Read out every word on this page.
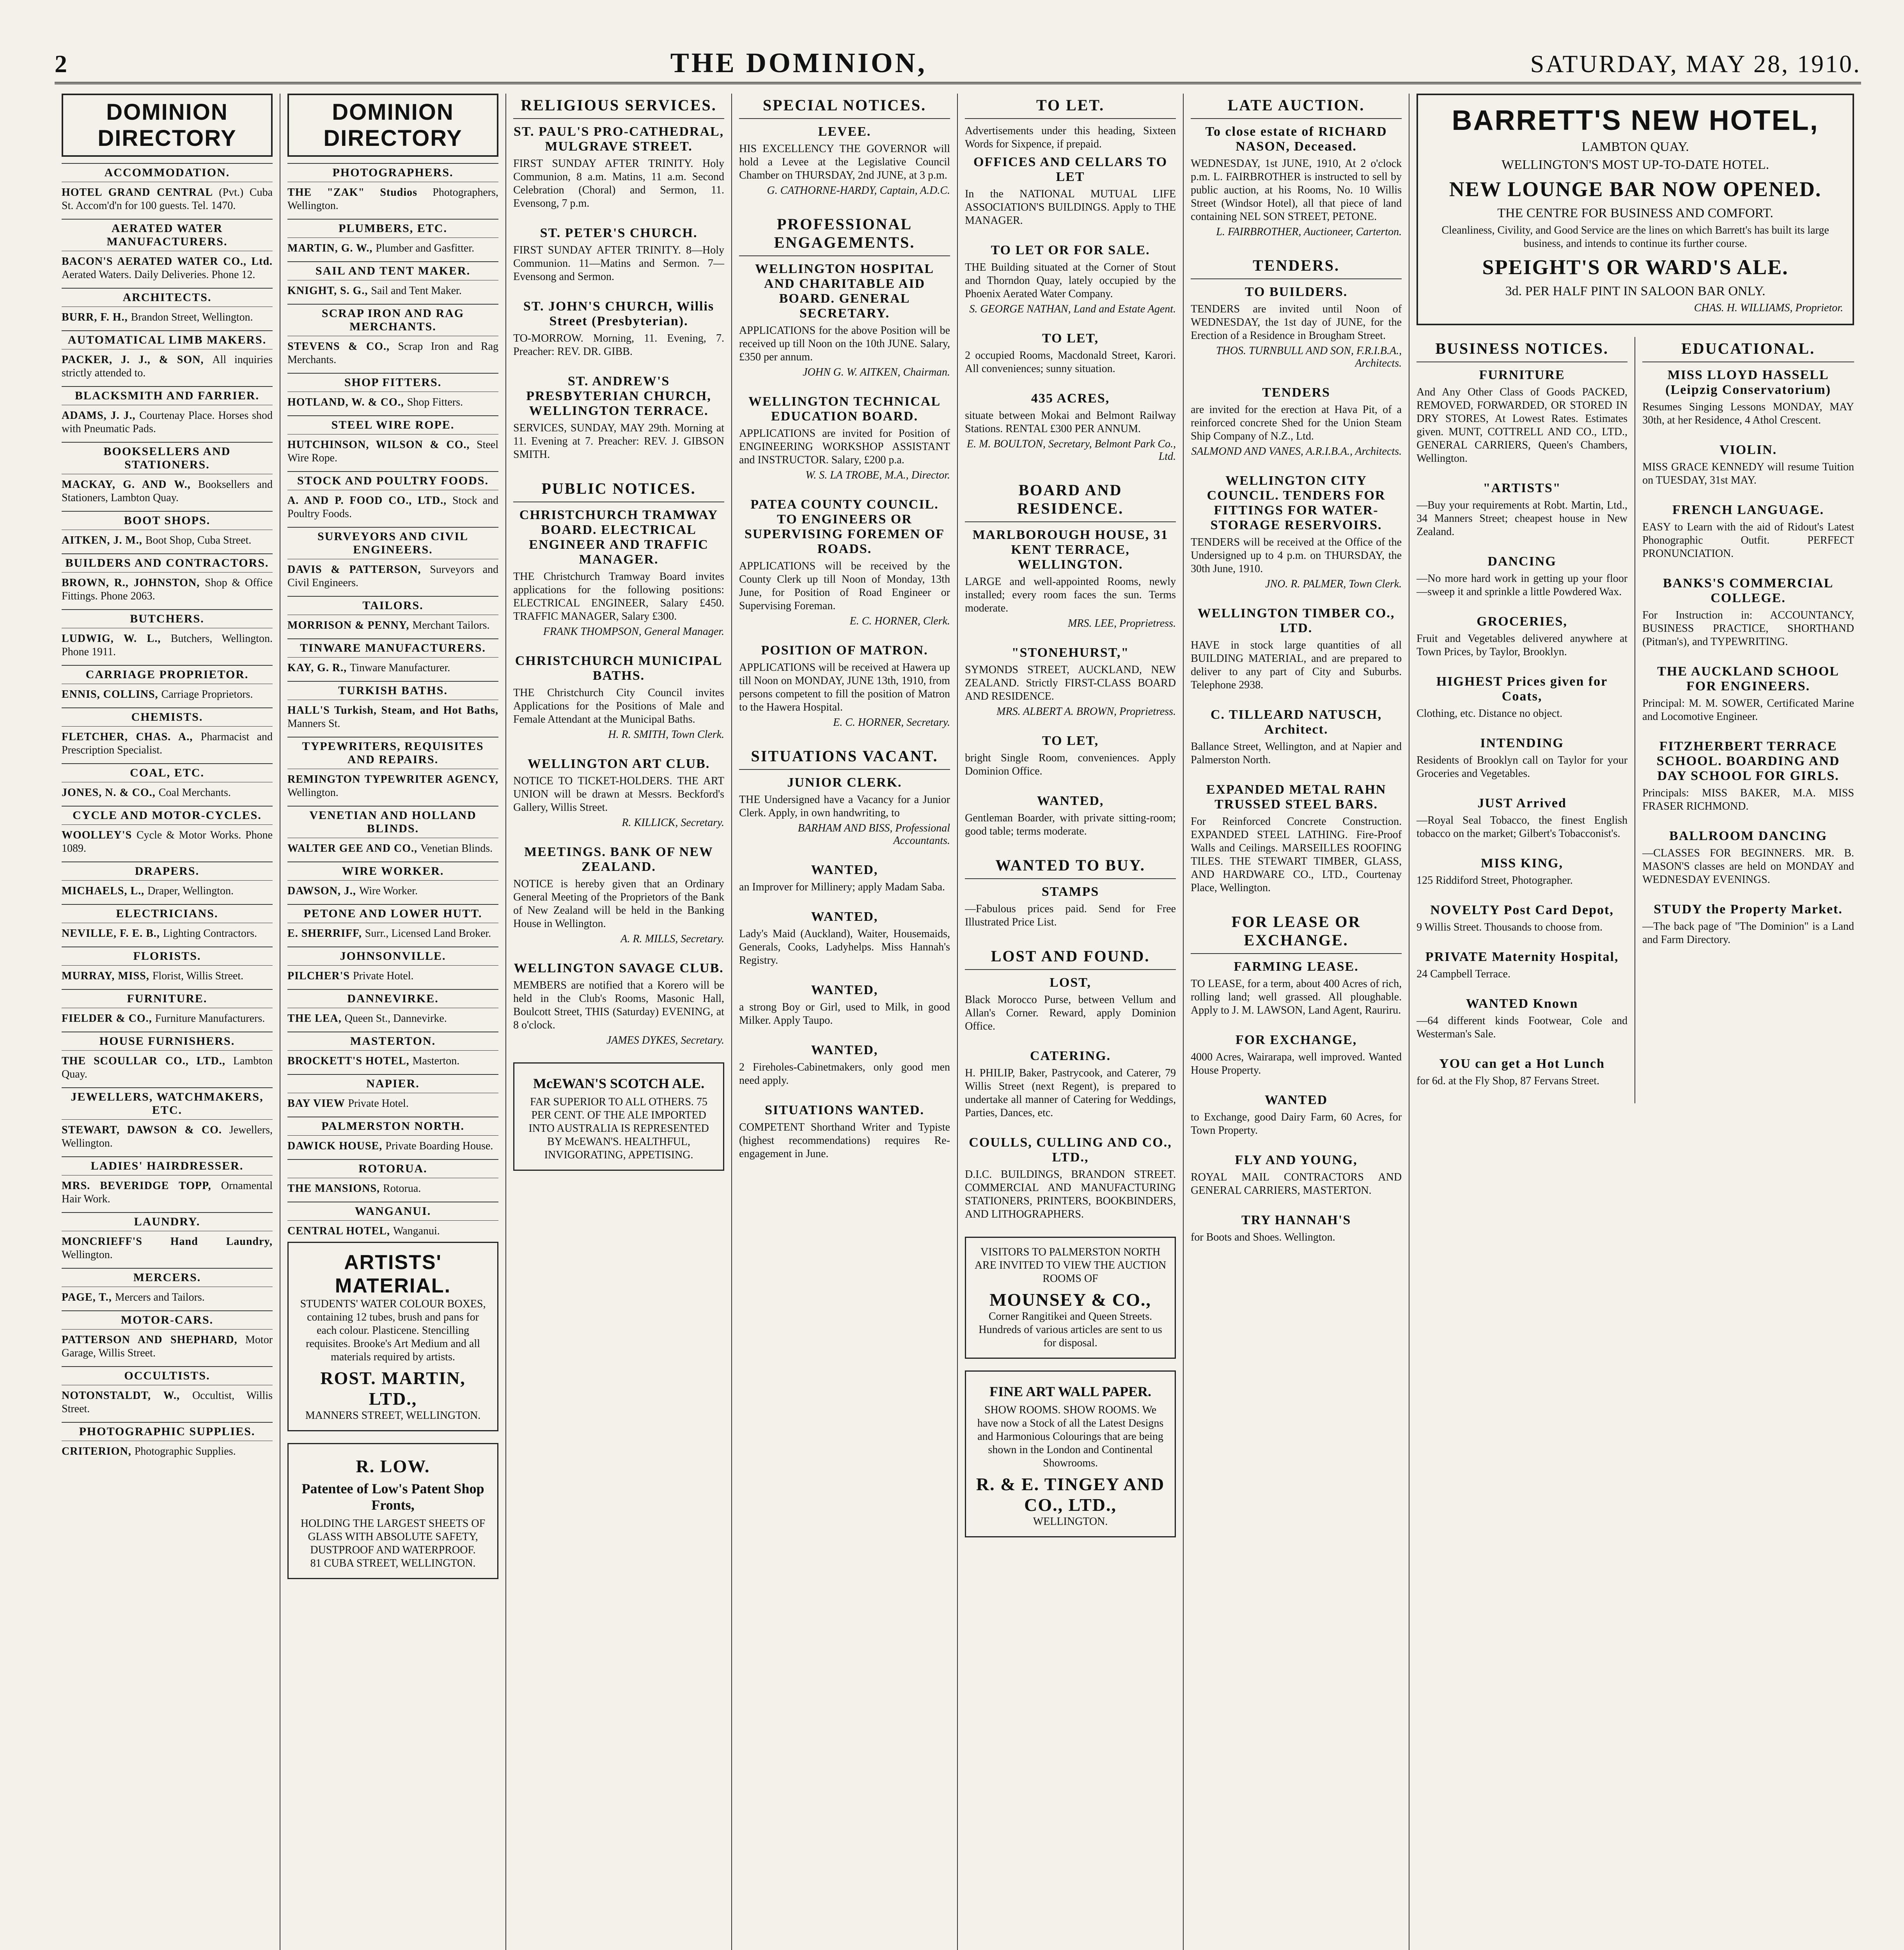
2	THE DOMINION,	SATURDAY, MAY 28, 1910.
DOMINION DIRECTORY
ACCOMMODATION.

HOTEL GRAND CENTRAL (Pvt.) Cuba St. Accom'd'n for 100 guests. Tel. 1470.

AERATED WATER MANUFACTURERS.

BACON'S AERATED WATER CO., Ltd. Aerated Waters. Daily Deliveries. Phone 12.

ARCHITECTS.

BURR, F. H., Brandon Street, Wellington.

AUTOMATICAL LIMB MAKERS.

PACKER, J. J., & SON, All inquiries strictly attended to.

BLACKSMITH AND FARRIER.

ADAMS, J. J., Courtenay Place. Horses shod with Pneumatic Pads.

BOOKSELLERS AND STATIONERS.

MACKAY, G. AND W., Booksellers and Stationers, Lambton Quay.

BOOT SHOPS.

AITKEN, J. M., Boot Shop, Cuba Street.

BUILDERS AND CONTRACTORS.

BROWN, R., JOHNSTON, Shop & Office Fittings. Phone 2063.

BUTCHERS.

LUDWIG, W. L., Butchers, Wellington. Phone 1911.

CARRIAGE PROPRIETOR.

ENNIS, COLLINS, Carriage Proprietors.

CHEMISTS.

FLETCHER, CHAS. A., Pharmacist and Prescription Specialist.

COAL, ETC.

JONES, N. & CO., Coal Merchants.

CYCLE AND MOTOR-CYCLES.

WOOLLEY'S Cycle & Motor Works. Phone 1089.

DRAPERS.

MICHAELS, L., Draper, Wellington.

ELECTRICIANS.

NEVILLE, F. E. B., Lighting Contractors.

FLORISTS.

MURRAY, MISS, Florist, Willis Street.

FURNITURE.

FIELDER & CO., Furniture Manufacturers.

HOUSE FURNISHERS.

THE SCOULLAR CO., LTD., Lambton Quay.

JEWELLERS, WATCHMAKERS, ETC.

STEWART, DAWSON & CO. Jewellers, Wellington.

LADIES' HAIRDRESSER.

MRS. BEVERIDGE TOPP, Ornamental Hair Work.

LAUNDRY.

MONCRIEFF'S Hand Laundry, Wellington.

MERCERS.

PAGE, T., Mercers and Tailors.

MOTOR-CARS.

PATTERSON AND SHEPHARD, Motor Garage, Willis Street.

OCCULTISTS.

NOTONSTALDT, W., Occultist, Willis Street.

PHOTOGRAPHIC SUPPLIES.

CRITERION, Photographic Supplies.

DOMINION DIRECTORY
PHOTOGRAPHERS.

THE "ZAK" Studios Photographers, Wellington.

PLUMBERS, ETC.

MARTIN, G. W., Plumber and Gasfitter.

SAIL AND TENT MAKER.

KNIGHT, S. G., Sail and Tent Maker.

SCRAP IRON AND RAG MERCHANTS.

STEVENS & CO., Scrap Iron and Rag Merchants.

SHOP FITTERS.

HOTLAND, W. & CO., Shop Fitters.

STEEL WIRE ROPE.

HUTCHINSON, WILSON & CO., Steel Wire Rope.

STOCK AND POULTRY FOODS.

A. AND P. FOOD CO., LTD., Stock and Poultry Foods.

SURVEYORS AND CIVIL ENGINEERS.

DAVIS & PATTERSON, Surveyors and Civil Engineers.

TAILORS.

MORRISON & PENNY, Merchant Tailors.

TINWARE MANUFACTURERS.

KAY, G. R., Tinware Manufacturer.

TURKISH BATHS.

HALL'S Turkish, Steam, and Hot Baths, Manners St.

TYPEWRITERS, REQUISITES AND REPAIRS.

REMINGTON TYPEWRITER AGENCY, Wellington.

VENETIAN AND HOLLAND BLINDS.

WALTER GEE AND CO., Venetian Blinds.

WIRE WORKER.

DAWSON, J., Wire Worker.

PETONE AND LOWER HUTT.

E. SHERRIFF, Surr., Licensed Land Broker.

JOHNSONVILLE.

PILCHER'S Private Hotel.

DANNEVIRKE.

THE LEA, Queen St., Dannevirke.

MASTERTON.

BROCKETT'S HOTEL, Masterton.

NAPIER.

BAY VIEW Private Hotel.

PALMERSTON NORTH.

DAWICK HOUSE, Private Boarding House.

ROTORUA.

THE MANSIONS, Rotorua.

WANGANUI.

CENTRAL HOTEL, Wanganui.

ARTISTS' MATERIAL.
STUDENTS' WATER COLOUR BOXES, containing 12 tubes, brush and pans for each colour. Plasticene. Stencilling requisites. Brooke's Art Medium and all materials required by artists.
ROST. MARTIN, LTD.,
MANNERS STREET, WELLINGTON.
R. LOW.
Patentee of Low's Patent Shop Fronts,
HOLDING THE LARGEST SHEETS OF GLASS WITH ABSOLUTE SAFETY, DUSTPROOF AND WATERPROOF.
81 CUBA STREET, WELLINGTON.
RELIGIOUS SERVICES.
ST. PAUL'S PRO-CATHEDRAL, MULGRAVE STREET.

FIRST SUNDAY AFTER TRINITY. Holy Communion, 8 a.m. Matins, 11 a.m. Second Celebration (Choral) and Sermon, 11. Evensong, 7 p.m.

ST. PETER'S CHURCH.

FIRST SUNDAY AFTER TRINITY. 8—Holy Communion. 11—Matins and Sermon. 7—Evensong and Sermon.

ST. JOHN'S CHURCH, Willis Street (Presbyterian).

TO-MORROW. Morning, 11. Evening, 7. Preacher: REV. DR. GIBB.

ST. ANDREW'S PRESBYTERIAN CHURCH, WELLINGTON TERRACE.

SERVICES, SUNDAY, MAY 29th. Morning at 11. Evening at 7. Preacher: REV. J. GIBSON SMITH.

PUBLIC NOTICES.
CHRISTCHURCH TRAMWAY BOARD. ELECTRICAL ENGINEER AND TRAFFIC MANAGER.

THE Christchurch Tramway Board invites applications for the following positions: ELECTRICAL ENGINEER, Salary £450. TRAFFIC MANAGER, Salary £300.

FRANK THOMPSON, General Manager.
CHRISTCHURCH MUNICIPAL BATHS.

THE Christchurch City Council invites Applications for the Positions of Male and Female Attendant at the Municipal Baths.

H. R. SMITH, Town Clerk.
WELLINGTON ART CLUB.

NOTICE TO TICKET-HOLDERS. THE ART UNION will be drawn at Messrs. Beckford's Gallery, Willis Street.

R. KILLICK, Secretary.
MEETINGS. BANK OF NEW ZEALAND.

NOTICE is hereby given that an Ordinary General Meeting of the Proprietors of the Bank of New Zealand will be held in the Banking House in Wellington.

A. R. MILLS, Secretary.
WELLINGTON SAVAGE CLUB.

MEMBERS are notified that a Korero will be held in the Club's Rooms, Masonic Hall, Boulcott Street, THIS (Saturday) EVENING, at 8 o'clock.

JAMES DYKES, Secretary.
McEWAN'S SCOTCH ALE.
FAR SUPERIOR TO ALL OTHERS. 75 PER CENT. OF THE ALE IMPORTED INTO AUSTRALIA IS REPRESENTED BY McEWAN'S. HEALTHFUL, INVIGORATING, APPETISING.
SPECIAL NOTICES.
LEVEE.

HIS EXCELLENCY THE GOVERNOR will hold a Levee at the Legislative Council Chamber on THURSDAY, 2nd JUNE, at 3 p.m.

G. CATHORNE-HARDY, Captain, A.D.C.
PROFESSIONAL ENGAGEMENTS.
WELLINGTON HOSPITAL AND CHARITABLE AID BOARD. GENERAL SECRETARY.

APPLICATIONS for the above Position will be received up till Noon on the 10th JUNE. Salary, £350 per annum.

JOHN G. W. AITKEN, Chairman.
WELLINGTON TECHNICAL EDUCATION BOARD.

APPLICATIONS are invited for Position of ENGINEERING WORKSHOP ASSISTANT and INSTRUCTOR. Salary, £200 p.a.

W. S. LA TROBE, M.A., Director.
PATEA COUNTY COUNCIL. TO ENGINEERS OR SUPERVISING FOREMEN OF ROADS.

APPLICATIONS will be received by the County Clerk up till Noon of Monday, 13th June, for Position of Road Engineer or Supervising Foreman.

E. C. HORNER, Clerk.
POSITION OF MATRON.

APPLICATIONS will be received at Hawera up till Noon on MONDAY, JUNE 13th, 1910, from persons competent to fill the position of Matron to the Hawera Hospital.

E. C. HORNER, Secretary.
SITUATIONS VACANT.
JUNIOR CLERK.

THE Undersigned have a Vacancy for a Junior Clerk. Apply, in own handwriting, to

BARHAM AND BISS, Professional Accountants.
WANTED,

an Improver for Millinery; apply Madam Saba.

WANTED,

Lady's Maid (Auckland), Waiter, Housemaids, Generals, Cooks, Ladyhelps. Miss Hannah's Registry.

WANTED,

a strong Boy or Girl, used to Milk, in good Milker. Apply Taupo.

WANTED,

2 Fireholes-Cabinetmakers, only good men need apply.

SITUATIONS WANTED.

COMPETENT Shorthand Writer and Typiste (highest recommendations) requires Re-engagement in June.

TO LET.

Advertisements under this heading, Sixteen Words for Sixpence, if prepaid.

OFFICES AND CELLARS TO LET

In the NATIONAL MUTUAL LIFE ASSOCIATION'S BUILDINGS. Apply to THE MANAGER.

TO LET OR FOR SALE.

THE Building situated at the Corner of Stout and Thorndon Quay, lately occupied by the Phoenix Aerated Water Company.

S. GEORGE NATHAN, Land and Estate Agent.
TO LET,

2 occupied Rooms, Macdonald Street, Karori. All conveniences; sunny situation.

435 ACRES,

situate between Mokai and Belmont Railway Stations. RENTAL £300 PER ANNUM.

E. M. BOULTON, Secretary, Belmont Park Co., Ltd.
BOARD AND RESIDENCE.
MARLBOROUGH HOUSE, 31 KENT TERRACE, WELLINGTON.

LARGE and well-appointed Rooms, newly installed; every room faces the sun. Terms moderate.

MRS. LEE, Proprietress.
"STONEHURST,"

SYMONDS STREET, AUCKLAND, NEW ZEALAND. Strictly FIRST-CLASS BOARD AND RESIDENCE.

MRS. ALBERT A. BROWN, Proprietress.
TO LET,

bright Single Room, conveniences. Apply Dominion Office.

WANTED,

Gentleman Boarder, with private sitting-room; good table; terms moderate.

WANTED TO BUY.
STAMPS

—Fabulous prices paid. Send for Free Illustrated Price List.

LOST AND FOUND.
LOST,

Black Morocco Purse, between Vellum and Allan's Corner. Reward, apply Dominion Office.

CATERING.

H. PHILIP, Baker, Pastrycook, and Caterer, 79 Willis Street (next Regent), is prepared to undertake all manner of Catering for Weddings, Parties, Dances, etc.

COULLS, CULLING AND CO., LTD.,

D.I.C. BUILDINGS, BRANDON STREET. COMMERCIAL AND MANUFACTURING STATIONERS, PRINTERS, BOOKBINDERS, AND LITHOGRAPHERS.

VISITORS TO PALMERSTON NORTH ARE INVITED TO VIEW THE AUCTION ROOMS OF
MOUNSEY & CO.,
Corner Rangitikei and Queen Streets. Hundreds of various articles are sent to us for disposal.
FINE ART WALL PAPER.
SHOW ROOMS. SHOW ROOMS. We have now a Stock of all the Latest Designs and Harmonious Colourings that are being shown in the London and Continental Showrooms.
R. & E. TINGEY AND CO., LTD.,
WELLINGTON.
LATE AUCTION.
To close estate of RICHARD NASON, Deceased.

WEDNESDAY, 1st JUNE, 1910, At 2 o'clock p.m. L. FAIRBROTHER is instructed to sell by public auction, at his Rooms, No. 10 Willis Street (Windsor Hotel), all that piece of land containing NEL SON STREET, PETONE.

L. FAIRBROTHER, Auctioneer, Carterton.
TENDERS.
TO BUILDERS.

TENDERS are invited until Noon of WEDNESDAY, the 1st day of JUNE, for the Erection of a Residence in Brougham Street.

THOS. TURNBULL AND SON, F.R.I.B.A., Architects.
TENDERS

are invited for the erection at Hava Pit, of a reinforced concrete Shed for the Union Steam Ship Company of N.Z., Ltd.

SALMOND AND VANES, A.R.I.B.A., Architects.
WELLINGTON CITY COUNCIL. TENDERS FOR FITTINGS FOR WATER-STORAGE RESERVOIRS.

TENDERS will be received at the Office of the Undersigned up to 4 p.m. on THURSDAY, the 30th June, 1910.

JNO. R. PALMER, Town Clerk.
WELLINGTON TIMBER CO., LTD.

HAVE in stock large quantities of all BUILDING MATERIAL, and are prepared to deliver to any part of City and Suburbs. Telephone 2938.

C. TILLEARD NATUSCH, Architect.

Ballance Street, Wellington, and at Napier and Palmerston North.

EXPANDED METAL RAHN TRUSSED STEEL BARS.

For Reinforced Concrete Construction. EXPANDED STEEL LATHING. Fire-Proof Walls and Ceilings. MARSEILLES ROOFING TILES. THE STEWART TIMBER, GLASS, AND HARDWARE CO., LTD., Courtenay Place, Wellington.

FOR LEASE OR EXCHANGE.
FARMING LEASE.

TO LEASE, for a term, about 400 Acres of rich, rolling land; well grassed. All ploughable. Apply to J. M. LAWSON, Land Agent, Rauriru.

FOR EXCHANGE,

4000 Acres, Wairarapa, well improved. Wanted House Property.

WANTED

to Exchange, good Dairy Farm, 60 Acres, for Town Property.

FLY AND YOUNG,

ROYAL MAIL CONTRACTORS AND GENERAL CARRIERS, MASTERTON.

TRY HANNAH'S

for Boots and Shoes. Wellington.

BARRETT'S NEW HOTEL,
LAMBTON QUAY.
WELLINGTON'S MOST UP-TO-DATE HOTEL.
NEW LOUNGE BAR NOW OPENED.
THE CENTRE FOR BUSINESS AND COMFORT.
Cleanliness, Civility, and Good Service are the lines on which Barrett's has built its large business, and intends to continue its further course.
SPEIGHT'S OR WARD'S ALE.
3d. PER HALF PINT IN SALOON BAR ONLY.
CHAS. H. WILLIAMS, Proprietor.
BUSINESS NOTICES.
FURNITURE

And Any Other Class of Goods PACKED, REMOVED, FORWARDED, OR STORED IN DRY STORES, At Lowest Rates. Estimates given. MUNT, COTTRELL AND CO., LTD., GENERAL CARRIERS, Queen's Chambers, Wellington.

"ARTISTS"

—Buy your requirements at Robt. Martin, Ltd., 34 Manners Street; cheapest house in New Zealand.

DANCING

—No more hard work in getting up your floor—sweep it and sprinkle a little Powdered Wax.

GROCERIES,

Fruit and Vegetables delivered anywhere at Town Prices, by Taylor, Brooklyn.

HIGHEST Prices given for Coats,

Clothing, etc. Distance no object.

INTENDING

Residents of Brooklyn call on Taylor for your Groceries and Vegetables.

JUST Arrived

—Royal Seal Tobacco, the finest English tobacco on the market; Gilbert's Tobacconist's.

MISS KING,

125 Riddiford Street, Photographer.

NOVELTY Post Card Depot,

9 Willis Street. Thousands to choose from.

PRIVATE Maternity Hospital,

24 Campbell Terrace.

WANTED Known

—64 different kinds Footwear, Cole and Westerman's Sale.

YOU can get a Hot Lunch

for 6d. at the Fly Shop, 87 Fervans Street.

EDUCATIONAL.
MISS LLOYD HASSELL (Leipzig Conservatorium)

Resumes Singing Lessons MONDAY, MAY 30th, at her Residence, 4 Athol Crescent.

VIOLIN.

MISS GRACE KENNEDY will resume Tuition on TUESDAY, 31st MAY.

FRENCH LANGUAGE.

EASY to Learn with the aid of Ridout's Latest Phonographic Outfit. PERFECT PRONUNCIATION.

BANKS'S COMMERCIAL COLLEGE.

For Instruction in: ACCOUNTANCY, BUSINESS PRACTICE, SHORTHAND (Pitman's), and TYPEWRITING.

THE AUCKLAND SCHOOL FOR ENGINEERS.

Principal: M. M. SOWER, Certificated Marine and Locomotive Engineer.

FITZHERBERT TERRACE SCHOOL. BOARDING AND DAY SCHOOL FOR GIRLS.

Principals: MISS BAKER, M.A. MISS FRASER RICHMOND.

BALLROOM DANCING

—CLASSES FOR BEGINNERS. MR. B. MASON'S classes are held on MONDAY and WEDNESDAY EVENINGS.

STUDY the Property Market.

—The back page of "The Dominion" is a Land and Farm Directory.
